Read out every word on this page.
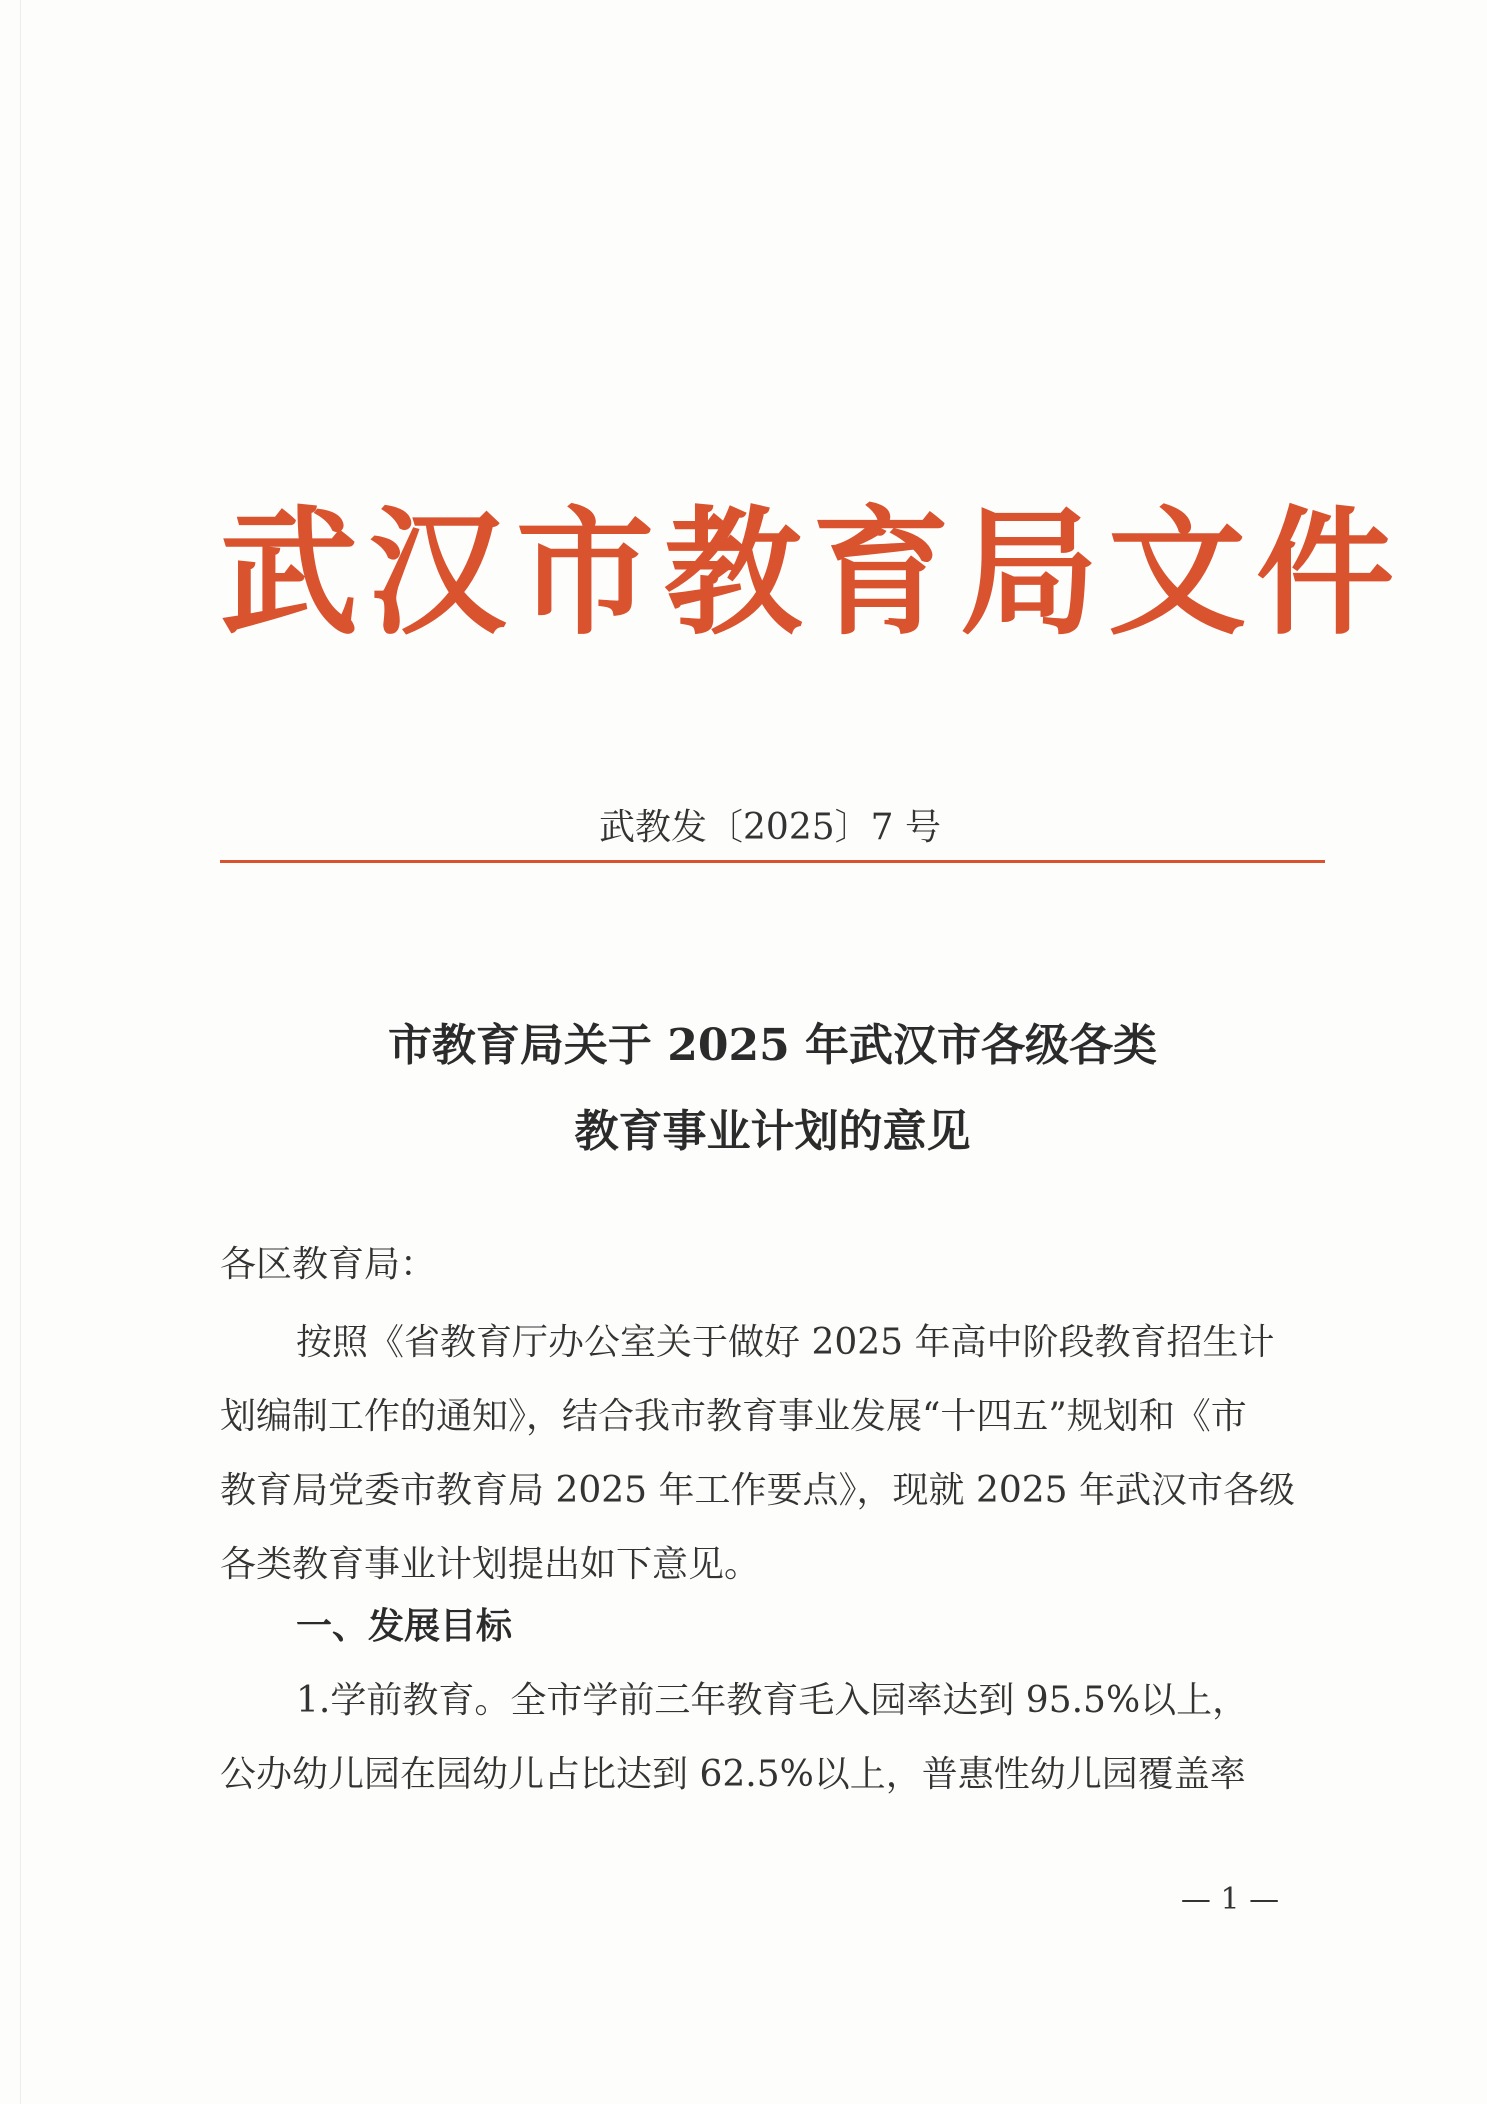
武汉市教育局文件
武教发〔2025〕7 号
市教育局关于 2025 年武汉市各级各类
教育事业计划的意见
各区教育局：
按照《省教育厅办公室关于做好 2025 年高中阶段教育招生计
划编制工作的通知》，结合我市教育事业发展“十四五”规划和《市
教育局党委市教育局 2025 年工作要点》，现就 2025 年武汉市各级
各类教育事业计划提出如下意见。
一、发展目标
1.学前教育。全市学前三年教育毛入园率达到 95.5%以上，
公办幼儿园在园幼儿占比达到 62.5%以上，普惠性幼儿园覆盖率
— 1 —
